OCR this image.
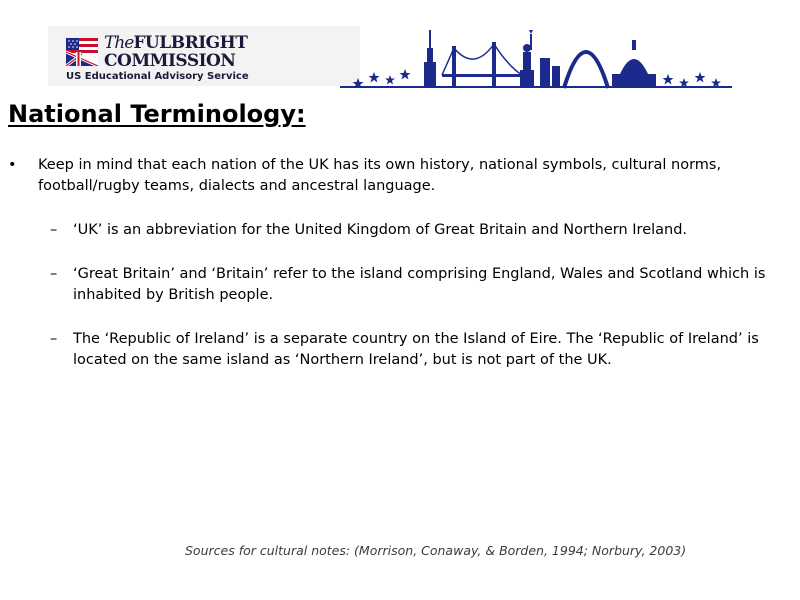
TheFULBRIGHT
COMMISSION
US Educational Advisory Service
National Terminology:
• Keep in mind that each nation of the UK has its own history, national symbols, cultural norms, football/rugby teams, dialects and ancestral language.

– ‘UK’ is an abbreviation for the United Kingdom of Great Britain and Northern Ireland.

– ‘Great Britain’ and ‘Britain’ refer to the island comprising England, Wales and Scotland which is inhabited by British people.

– The ‘Republic of Ireland’ is a separate country on the Island of Eire. The ‘Republic of Ireland’ is located on the same island as ‘Northern Ireland’, but is not part of the UK.

Sources for cultural notes: (Morrison, Conaway, & Borden, 1994; Norbury, 2003)
